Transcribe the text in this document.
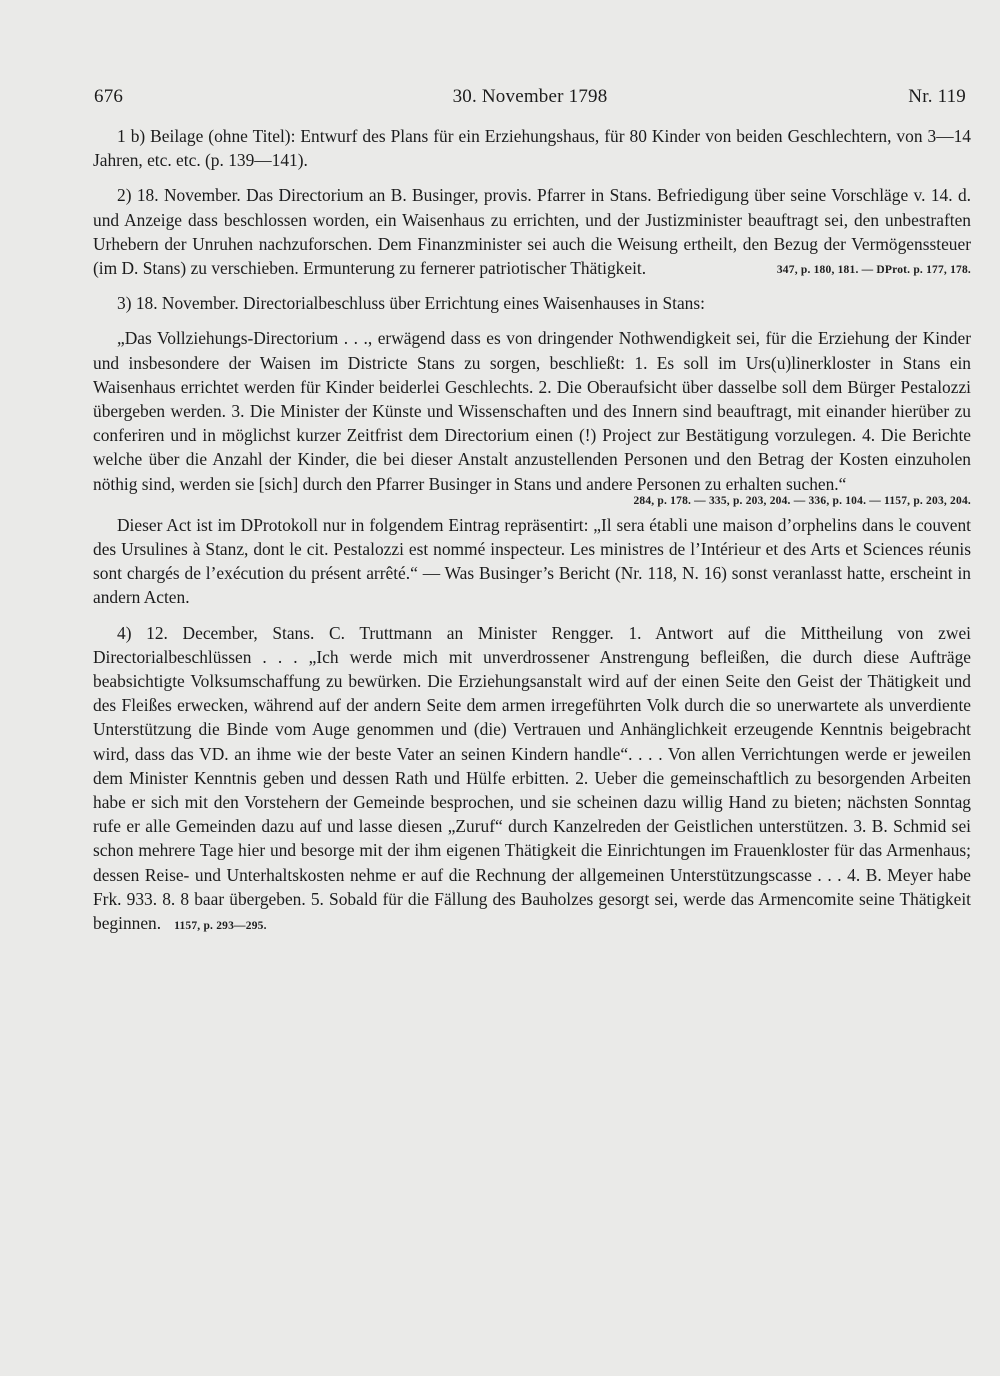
676	30. November 1798	Nr. 119

1 b) Beilage (ohne Titel): Entwurf des Plans für ein Erziehungshaus, für 80 Kinder von beiden Geschlechtern, von 3—14 Jahren, etc. etc. (p. 139—141).

2) 18. November. Das Directorium an B. Businger, provis. Pfarrer in Stans. Befriedigung über seine Vorschläge v. 14. d. und Anzeige dass beschlossen worden, ein Waisenhaus zu errichten, und der Justizminister beauftragt sei, den unbestraften Urhebern der Unruhen nachzuforschen. Dem Finanzminister sei auch die Weisung ertheilt, den Bezug der Vermögenssteuer (im D. Stans) zu verschieben. Ermunterung zu fernerer patriotischer Thätigkeit.	347, p. 180, 181. — DProt. p. 177, 178.

3) 18. November. Directorialbeschluss über Errichtung eines Waisenhauses in Stans:

„Das Vollziehungs-Directorium . . ., erwägend dass es von dringender Nothwendigkeit sei, für die Erziehung der Kinder und insbesondere der Waisen im Districte Stans zu sorgen, beschließt: 1. Es soll im Urs(u)linerkloster in Stans ein Waisenhaus errichtet werden für Kinder beiderlei Geschlechts. 2. Die Oberaufsicht über dasselbe soll dem Bürger Pestalozzi übergeben werden. 3. Die Minister der Künste und Wissenschaften und des Innern sind beauftragt, mit einander hierüber zu conferiren und in möglichst kurzer Zeitfrist dem Directorium einen (!) Project zur Bestätigung vorzulegen. 4. Die Berichte welche über die Anzahl der Kinder, die bei dieser Anstalt anzustellenden Personen und den Betrag der Kosten einzuholen nöthig sind, werden sie [sich] durch den Pfarrer Businger in Stans und andere Personen zu erhalten suchen.“

284, p. 178. — 335, p. 203, 204. — 336, p. 104. — 1157, p. 203, 204.

Dieser Act ist im DProtokoll nur in folgendem Eintrag repräsentirt: „Il sera établi une maison d’orphelins dans le couvent des Ursulines à Stanz, dont le cit. Pestalozzi est nommé inspecteur. Les ministres de l’Intérieur et des Arts et Sciences réunis sont chargés de l’exécution du présent arrêté.“ — Was Businger’s Bericht (Nr. 118, N. 16) sonst veranlasst hatte, erscheint in andern Acten.

4) 12. December, Stans. C. Truttmann an Minister Rengger. 1. Antwort auf die Mittheilung von zwei Directorialbeschlüssen . . . „Ich werde mich mit unverdrossener Anstrengung befleißen, die durch diese Aufträge beabsichtigte Volksumschaffung zu bewürken. Die Erziehungsanstalt wird auf der einen Seite den Geist der Thätigkeit und des Fleißes erwecken, während auf der andern Seite dem armen irregeführten Volk durch die so unerwartete als unverdiente Unterstützung die Binde vom Auge genommen und (die) Vertrauen und Anhänglichkeit erzeugende Kenntnis beigebracht wird, dass das VD. an ihme wie der beste Vater an seinen Kindern handle“. . . . Von allen Verrichtungen werde er jeweilen dem Minister Kenntnis geben und dessen Rath und Hülfe erbitten. 2. Ueber die gemeinschaftlich zu besorgenden Arbeiten habe er sich mit den Vorstehern der Gemeinde besprochen, und sie scheinen dazu willig Hand zu bieten; nächsten Sonntag rufe er alle Gemeinden dazu auf und lasse diesen „Zuruf“ durch Kanzelreden der Geistlichen unterstützen. 3. B. Schmid sei schon mehrere Tage hier und besorge mit der ihm eigenen Thätigkeit die Einrichtungen im Frauenkloster für das Armenhaus; dessen Reise- und Unterhaltskosten nehme er auf die Rechnung der allgemeinen Unterstützungscasse . . . 4. B. Meyer habe Frk. 933. 8. 8 baar übergeben. 5. Sobald für die Fällung des Bauholzes gesorgt sei, werde das Armencomite seine Thätigkeit beginnen. 1157, p. 293—295.
